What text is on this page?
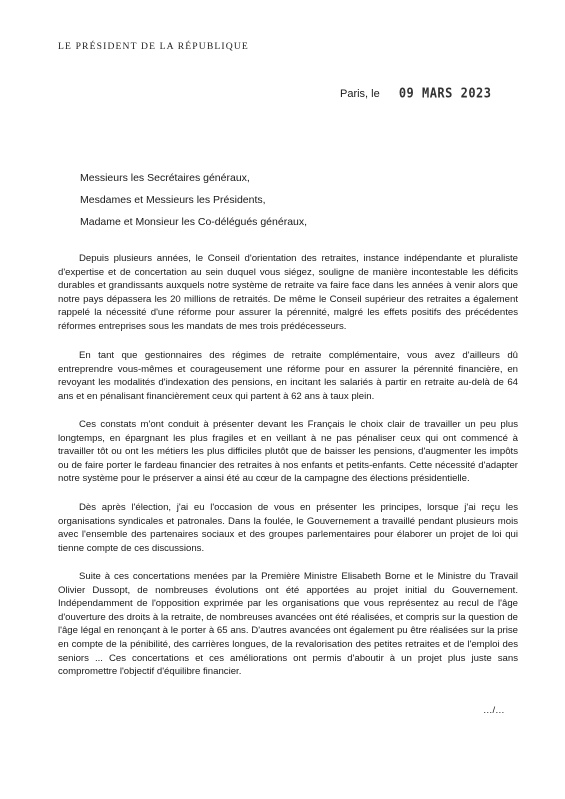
LE PRÉSIDENT DE LA RÉPUBLIQUE
Paris, le 09 MARS 2023
Messieurs les Secrétaires généraux,
Mesdames et Messieurs les Présidents,
Madame et Monsieur les Co-délégués généraux,

Depuis plusieurs années, le Conseil d'orientation des retraites, instance indépendante et pluraliste d'expertise et de concertation au sein duquel vous siégez, souligne de manière incontestable les déficits durables et grandissants auxquels notre système de retraite va faire face dans les années à venir alors que notre pays dépassera les 20 millions de retraités. De même le Conseil supérieur des retraites a également rappelé la nécessité d'une réforme pour assurer la pérennité, malgré les effets positifs des précédentes réformes entreprises sous les mandats de mes trois prédécesseurs.

En tant que gestionnaires des régimes de retraite complémentaire, vous avez d'ailleurs dû entreprendre vous-mêmes et courageusement une réforme pour en assurer la pérennité financière, en revoyant les modalités d'indexation des pensions, en incitant les salariés à partir en retraite au-delà de 64 ans et en pénalisant financièrement ceux qui partent à 62 ans à taux plein.

Ces constats m'ont conduit à présenter devant les Français le choix clair de travailler un peu plus longtemps, en épargnant les plus fragiles et en veillant à ne pas pénaliser ceux qui ont commencé à travailler tôt ou ont les métiers les plus difficiles plutôt que de baisser les pensions, d'augmenter les impôts ou de faire porter le fardeau financier des retraites à nos enfants et petits-enfants. Cette nécessité d'adapter notre système pour le préserver a ainsi été au cœur de la campagne des élections présidentielle.

Dès après l'élection, j'ai eu l'occasion de vous en présenter les principes, lorsque j'ai reçu les organisations syndicales et patronales. Dans la foulée, le Gouvernement a travaillé pendant plusieurs mois avec l'ensemble des partenaires sociaux et des groupes parlementaires pour élaborer un projet de loi qui tienne compte de ces discussions.

Suite à ces concertations menées par la Première Ministre Elisabeth Borne et le Ministre du Travail Olivier Dussopt, de nombreuses évolutions ont été apportées au projet initial du Gouvernement. Indépendamment de l'opposition exprimée par les organisations que vous représentez au recul de l'âge d'ouverture des droits à la retraite, de nombreuses avancées ont été réalisées, et compris sur la question de l'âge légal en renonçant à le porter à 65 ans. D'autres avancées ont également pu être réalisées sur la prise en compte de la pénibilité, des carrières longues, de la revalorisation des petites retraites et de l'emploi des seniors ... Ces concertations et ces améliorations ont permis d'aboutir à un projet plus juste sans compromettre l'objectif d'équilibre financier.

…/…
